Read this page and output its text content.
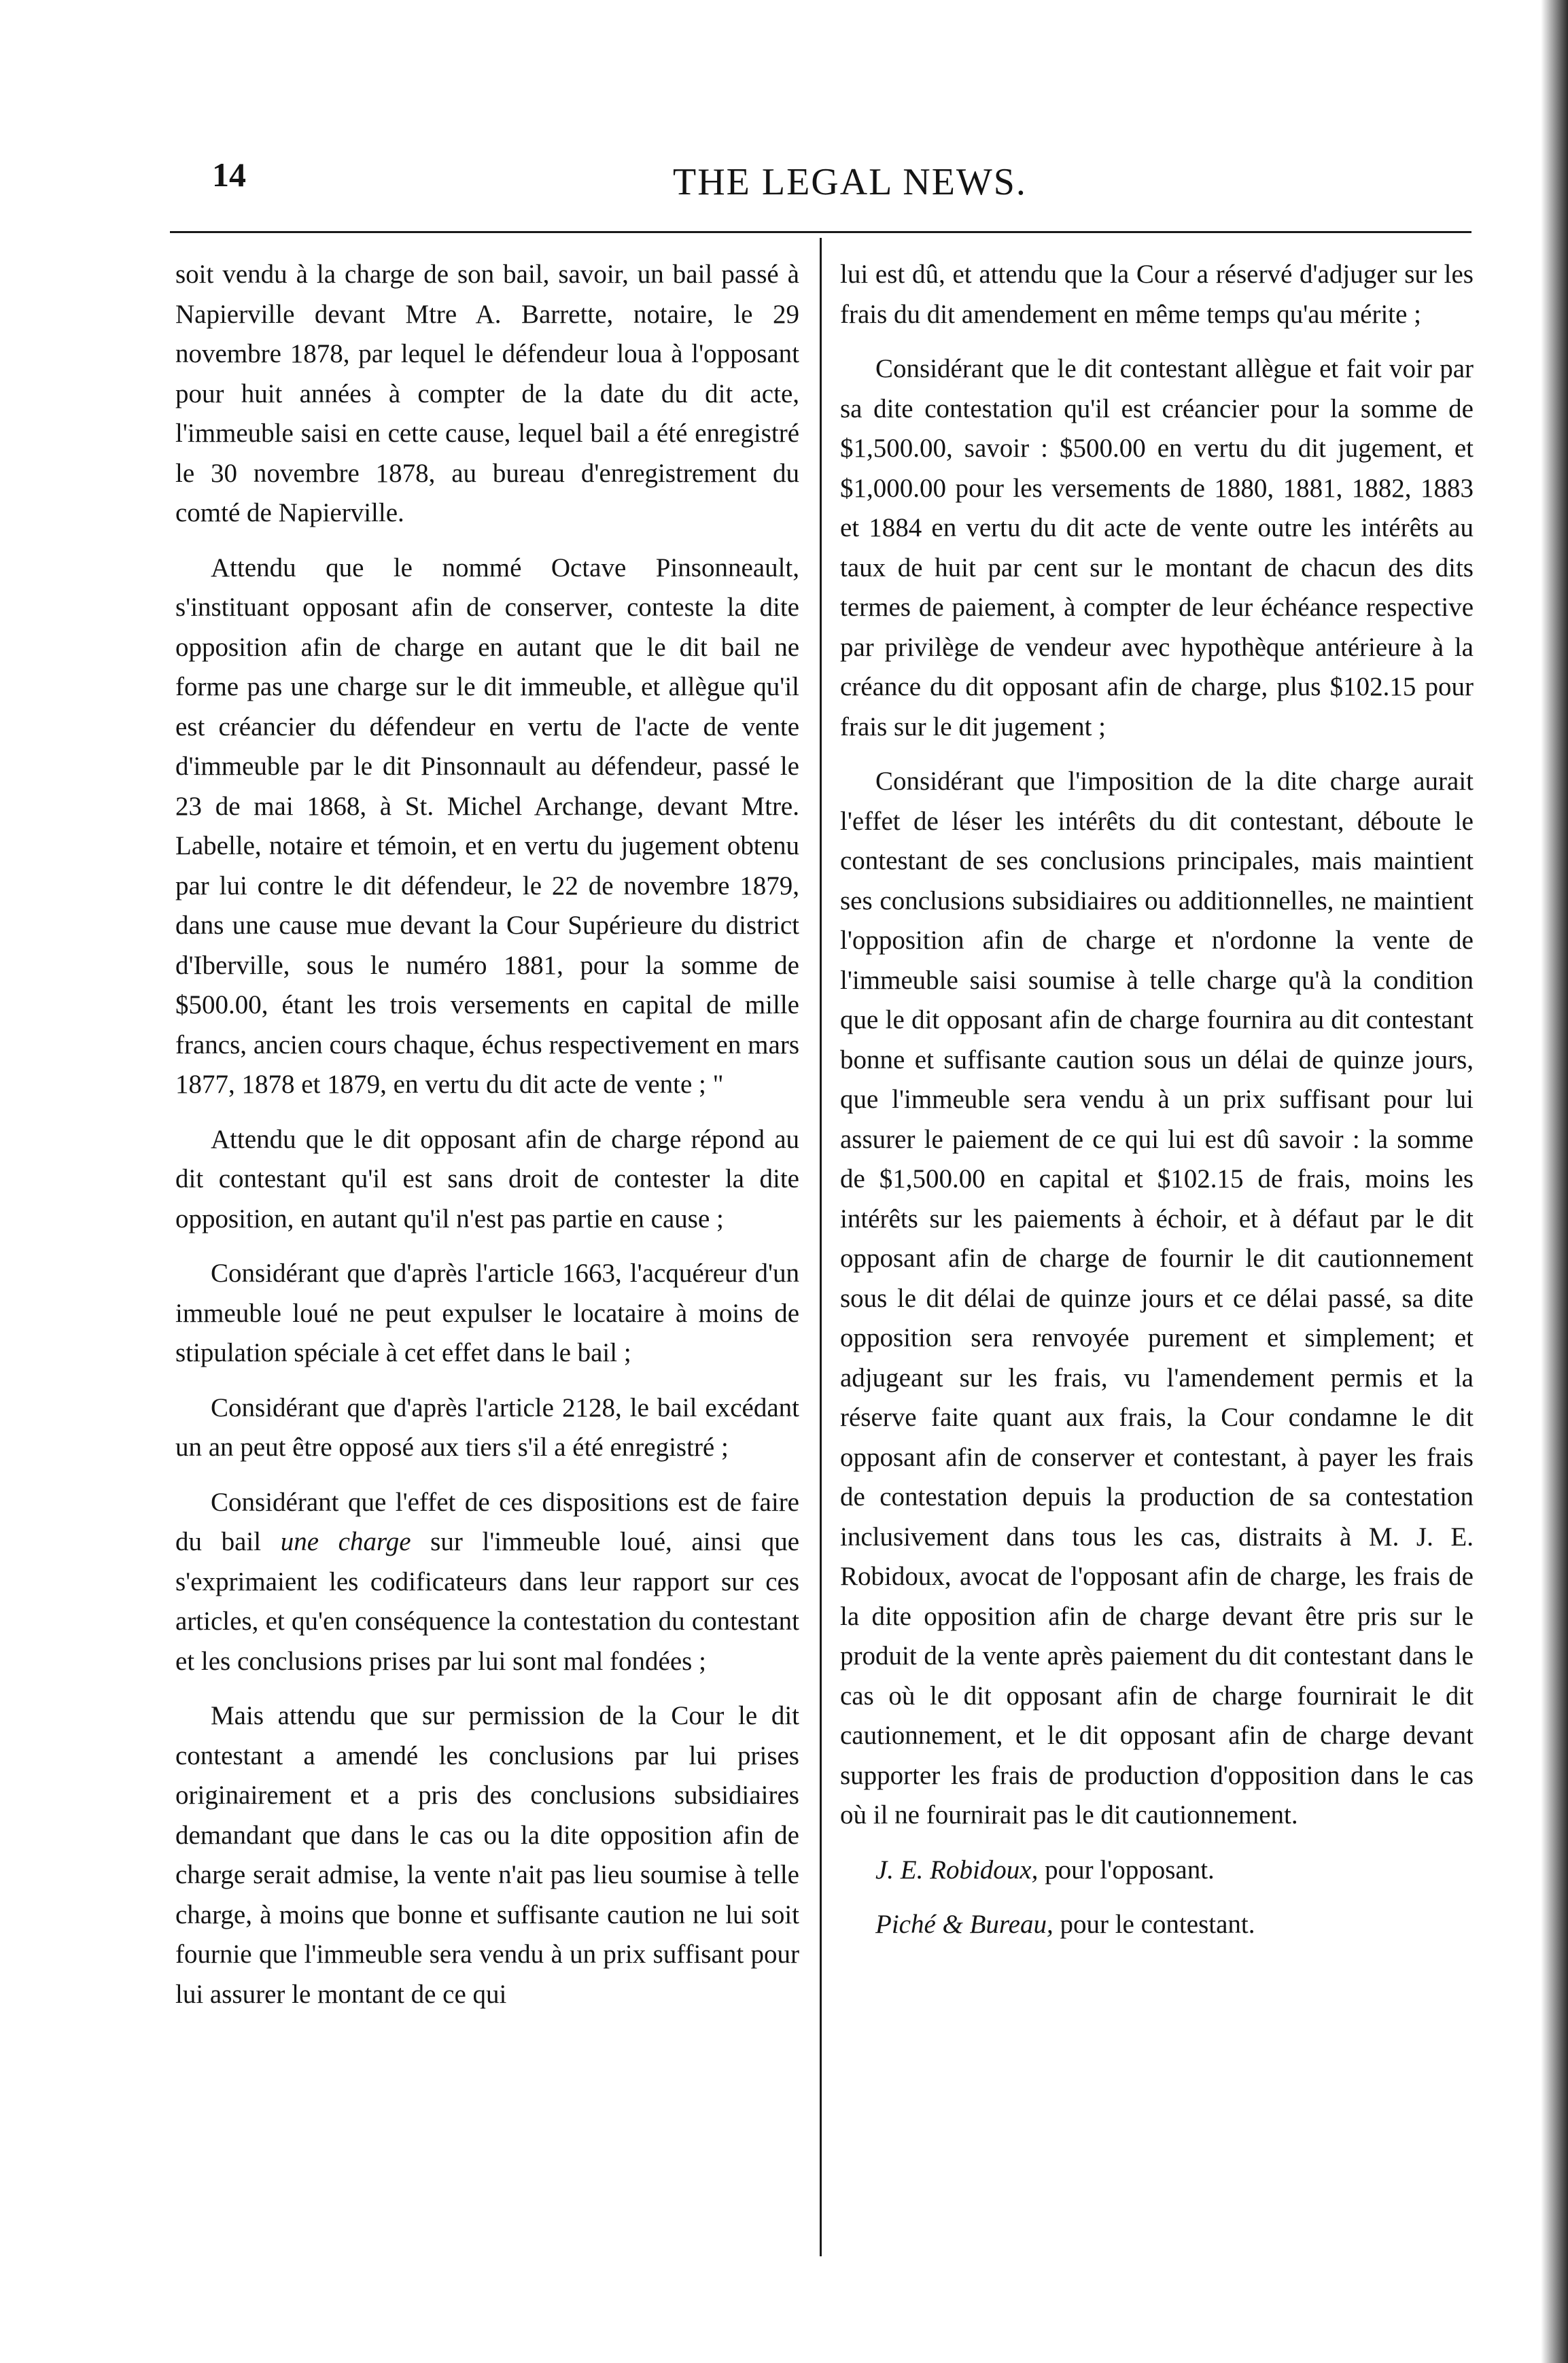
14	THE LEGAL NEWS.

soit vendu à la charge de son bail, savoir, un bail passé à Napierville devant Mtre A. Barrette, notaire, le 29 novembre 1878, par lequel le défendeur loua à l'opposant pour huit années à compter de la date du dit acte, l'immeuble saisi en cette cause, lequel bail a été enregistré le 30 novembre 1878, au bureau d'enregistrement du comté de Napierville.

Attendu que le nommé Octave Pinsonneault, s'instituant opposant afin de conserver, conteste la dite opposition afin de charge en autant que le dit bail ne forme pas une charge sur le dit immeuble, et allègue qu'il est créancier du défendeur en vertu de l'acte de vente d'immeuble par le dit Pinsonnault au défendeur, passé le 23 de mai 1868, à St. Michel Archange, devant Mtre. Labelle, notaire et témoin, et en vertu du jugement obtenu par lui contre le dit défendeur, le 22 de novembre 1879, dans une cause mue devant la Cour Supérieure du district d'Iberville, sous le numéro 1881, pour la somme de $500.00, étant les trois versements en capital de mille francs, ancien cours chaque, échus respectivement en mars 1877, 1878 et 1879, en vertu du dit acte de vente ; "

Attendu que le dit opposant afin de charge répond au dit contestant qu'il est sans droit de contester la dite opposition, en autant qu'il n'est pas partie en cause ;

Considérant que d'après l'article 1663, l'acquéreur d'un immeuble loué ne peut expulser le locataire à moins de stipulation spéciale à cet effet dans le bail ;

Considérant que d'après l'article 2128, le bail excédant un an peut être opposé aux tiers s'il a été enregistré ;

Considérant que l'effet de ces dispositions est de faire du bail une charge sur l'immeuble loué, ainsi que s'exprimaient les codificateurs dans leur rapport sur ces articles, et qu'en conséquence la contestation du contestant et les conclusions prises par lui sont mal fondées ;

Mais attendu que sur permission de la Cour le dit contestant a amendé les conclusions par lui prises originairement et a pris des conclusions subsidiaires demandant que dans le cas ou la dite opposition afin de charge serait admise, la vente n'ait pas lieu soumise à telle charge, à moins que bonne et suffisante caution ne lui soit fournie que l'immeuble sera vendu à un prix suffisant pour lui assurer le montant de ce qui

lui est dû, et attendu que la Cour a réservé d'adjuger sur les frais du dit amendement en même temps qu'au mérite ;

Considérant que le dit contestant allègue et fait voir par sa dite contestation qu'il est créancier pour la somme de $1,500.00, savoir : $500.00 en vertu du dit jugement, et $1,000.00 pour les versements de 1880, 1881, 1882, 1883 et 1884 en vertu du dit acte de vente outre les intérêts au taux de huit par cent sur le montant de chacun des dits termes de paiement, à compter de leur échéance respective par privilège de vendeur avec hypothèque antérieure à la créance du dit opposant afin de charge, plus $102.15 pour frais sur le dit jugement ;

Considérant que l'imposition de la dite charge aurait l'effet de léser les intérêts du dit contestant, déboute le contestant de ses conclusions principales, mais maintient ses conclusions subsidiaires ou additionnelles, ne maintient l'opposition afin de charge et n'ordonne la vente de l'immeuble saisi soumise à telle charge qu'à la condition que le dit opposant afin de charge fournira au dit contestant bonne et suffisante caution sous un délai de quinze jours, que l'immeuble sera vendu à un prix suffisant pour lui assurer le paiement de ce qui lui est dû savoir : la somme de $1,500.00 en capital et $102.15 de frais, moins les intérêts sur les paiements à échoir, et à défaut par le dit opposant afin de charge de fournir le dit cautionnement sous le dit délai de quinze jours et ce délai passé, sa dite opposition sera renvoyée purement et simplement; et adjugeant sur les frais, vu l'amendement permis et la réserve faite quant aux frais, la Cour condamne le dit opposant afin de conserver et contestant, à payer les frais de contestation depuis la production de sa contestation inclusivement dans tous les cas, distraits à M. J. E. Robidoux, avocat de l'opposant afin de charge, les frais de la dite opposition afin de charge devant être pris sur le produit de la vente après paiement du dit contestant dans le cas où le dit opposant afin de charge fournirait le dit cautionnement, et le dit opposant afin de charge devant supporter les frais de production d'opposition dans le cas où il ne fournirait pas le dit cautionnement.

J. E. Robidoux, pour l'opposant.

Piché & Bureau, pour le contestant.
